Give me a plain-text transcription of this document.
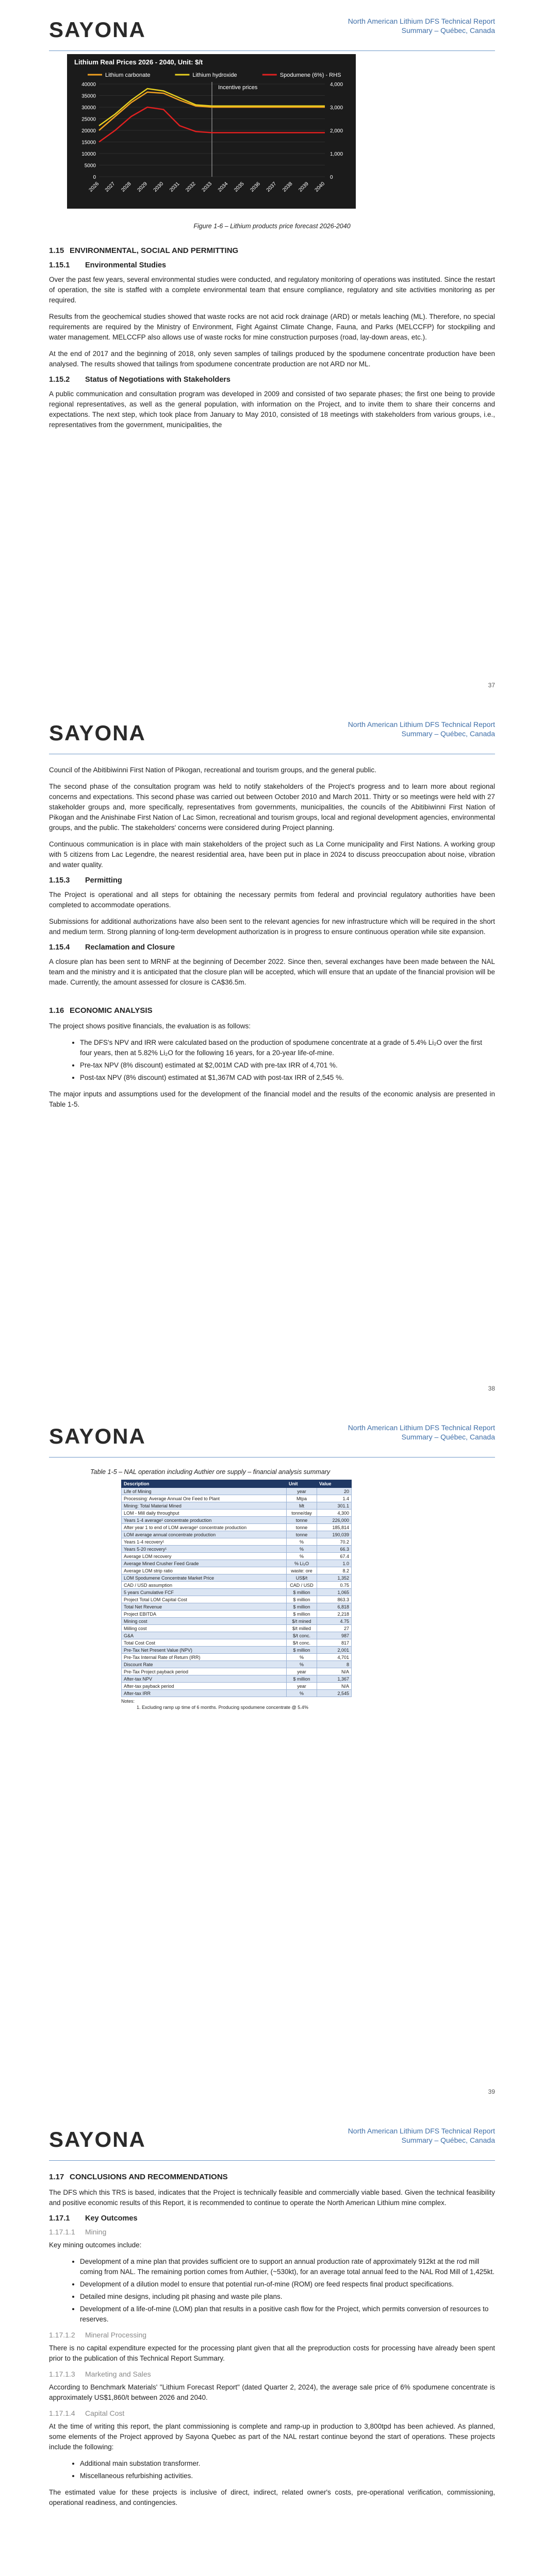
SAYONA	North American Lithium DFS Technical Report
Summary – Québec, Canada
Lithium Real Prices 2026 - 2040, Unit: $/t
Lithium carbonate	Lithium hydroxide	Spodumene (6%) - RHS
0
5000
10000
15000
20000
25000
30000
35000
40000
0
1,000
2,000
3,000
4,000
2026 2027 2028 2029 2030 2031 2032 2033 2034 2035 2036 2037 2038 2039 2040
Incentive prices
Figure 1-6 – Lithium products price forecast 2026-2040
1.15 ENVIRONMENTAL, SOCIAL AND PERMITTING
1.15.1 Environmental Studies

Over the past few years, several environmental studies were conducted, and regulatory monitoring of operations was instituted. Since the restart of operation, the site is staffed with a complete environmental team that ensure compliance, regulatory and site activities monitoring as per required.

Results from the geochemical studies showed that waste rocks are not acid rock drainage (ARD) or metals leaching (ML). Therefore, no special requirements are required by the Ministry of Environment, Fight Against Climate Change, Fauna, and Parks (MELCCFP) for stockpiling and water management. MELCCFP also allows use of waste rocks for mine construction purposes (road, lay-down areas, etc.).

At the end of 2017 and the beginning of 2018, only seven samples of tailings produced by the spodumene concentrate production have been analysed. The results showed that tailings from spodumene concentrate production are not ARD nor ML.

1.15.2 Status of Negotiations with Stakeholders

A public communication and consultation program was developed in 2009 and consisted of two separate phases; the first one being to provide regional representatives, as well as the general population, with information on the Project, and to invite them to share their concerns and expectations. The next step, which took place from January to May 2010, consisted of 18 meetings with stakeholders from various groups, i.e., representatives from the government, municipalities, the

37
SAYONA	North American Lithium DFS Technical Report
Summary – Québec, Canada

Council of the Abitibiwinni First Nation of Pikogan, recreational and tourism groups, and the general public.

The second phase of the consultation program was held to notify stakeholders of the Project's progress and to learn more about regional concerns and expectations. This second phase was carried out between October 2010 and March 2011. Thirty or so meetings were held with 27 stakeholder groups and, more specifically, representatives from governments, municipalities, the councils of the Abitibiwinni First Nation of Pikogan and the Anishinabe First Nation of Lac Simon, recreational and tourism groups, local and regional development agencies, environmental groups, and the public. The stakeholders' concerns were considered during Project planning.

Continuous communication is in place with main stakeholders of the project such as La Corne municipality and First Nations. A working group with 5 citizens from Lac Legendre, the nearest residential area, have been put in place in 2024 to discuss preoccupation about noise, vibration and water quality.

1.15.3 Permitting

The Project is operational and all steps for obtaining the necessary permits from federal and provincial regulatory authorities have been completed to accommodate operations.

Submissions for additional authorizations have also been sent to the relevant agencies for new infrastructure which will be required in the short and medium term. Strong planning of long-term development authorization is in progress to ensure continuous operation while site expansion.

1.15.4 Reclamation and Closure

A closure plan has been sent to MRNF at the beginning of December 2022. Since then, several exchanges have been made between the NAL team and the ministry and it is anticipated that the closure plan will be accepted, which will ensure that an update of the financial provision will be made. Currently, the amount assessed for closure is CA$36.5m.

1.16 ECONOMIC ANALYSIS

The project shows positive financials, the evaluation is as follows:

• The DFS's NPV and IRR were calculated based on the production of spodumene concentrate at a grade of 5.4% Li₂O over the first four years, then at 5.82% Li₂O for the following 16 years, for a 20-year life-of-mine.
• Pre-tax NPV (8% discount) estimated at $2,001M CAD with pre-tax IRR of 4,701 %.
• Post-tax NPV (8% discount) estimated at $1,367M CAD with post-tax IRR of 2,545 %.

The major inputs and assumptions used for the development of the financial model and the results of the economic analysis are presented in Table 1-5.

38
SAYONA	North American Lithium DFS Technical Report
Summary – Québec, Canada
Table 1-5 – NAL operation including Authier ore supply – financial analysis summary
Description	Unit	Value
Life of Mining	year	20
Processing: Average Annual Ore Feed to Plant	Mtpa	1.4
Mining: Total Material Mined	Mt	301.1
LOM - Mill daily throughput	tonne/day	4,300
Years 1-4 average¹ concentrate production	tonne	226,000
After year 1 to end of LOM average¹ concentrate production	tonne	185,814
LOM average annual concentrate production	tonne	190,039
Years 1-4 recovery¹	%	70.2
Years 5-20 recovery¹	%	66.3
Average LOM recovery	%	67.4
Average Mined Crusher Feed Grade	% Li₂O	1.0
Average LOM strip ratio	waste: ore	8.2
LOM Spodumene Concentrate Market Price	US$/t	1,352
CAD / USD assumption	CAD / USD	0.75
5 years Cumulative FCF	$ million	1,065
Project Total LOM Capital Cost	$ million	863.3
Total Net Revenue	$ million	6,818
Project EBITDA	$ million	2,218
Mining cost	$/t mined	4.75
Milling cost	$/t milled	27
G&A	$/t conc.	987
Total Cost Cost	$/t conc.	817
Pre-Tax Net Present Value (NPV)	$ million	2,001
Pre-Tax Internal Rate of Return (IRR)	%	4,701
Discount Rate	%	8
Pre-Tax Project payback period	year	N/A
After-tax NPV	$ million	1,367
After-tax payback period	year	N/A
After-tax IRR	%	2,545
Notes:
1. Excluding ramp up time of 6 months. Producing spodumene concentrate @ 5.4%
39
SAYONA	North American Lithium DFS Technical Report
Summary – Québec, Canada
1.17 CONCLUSIONS AND RECOMMENDATIONS

The DFS which this TRS is based, indicates that the Project is technically feasible and commercially viable based. Given the technical feasibility and positive economic results of this Report, it is recommended to continue to operate the North American Lithium mine complex.

1.17.1 Key Outcomes
1.17.1.1 Mining

Key mining outcomes include:

• Development of a mine plan that provides sufficient ore to support an annual production rate of approximately 912kt at the rod mill coming from NAL. The remaining portion comes from Authier, (~530kt), for an average total annual feed to the NAL Rod Mill of 1,425kt.
• Development of a dilution model to ensure that potential run-of-mine (ROM) ore feed respects final product specifications.
• Detailed mine designs, including pit phasing and waste pile plans.
• Development of a life-of-mine (LOM) plan that results in a positive cash flow for the Project, which permits conversion of resources to reserves.
1.17.1.2 Mineral Processing

There is no capital expenditure expected for the processing plant given that all the preproduction costs for processing have already been spent prior to the publication of this Technical Report Summary.

1.17.1.3 Marketing and Sales

According to Benchmark Materials' "Lithium Forecast Report" (dated Quarter 2, 2024), the average sale price of 6% spodumene concentrate is approximately US$1,860/t between 2026 and 2040.

1.17.1.4 Capital Cost

At the time of writing this report, the plant commissioning is complete and ramp-up in production to 3,800tpd has been achieved. As planned, some elements of the Project approved by Sayona Quebec as part of the NAL restart continue beyond the start of operations. These projects include the following:

• Additional main substation transformer.
• Miscellaneous refurbishing activities.

The estimated value for these projects is inclusive of direct, indirect, related owner's costs, pre-operational verification, commissioning, operational readiness, and contingencies.
